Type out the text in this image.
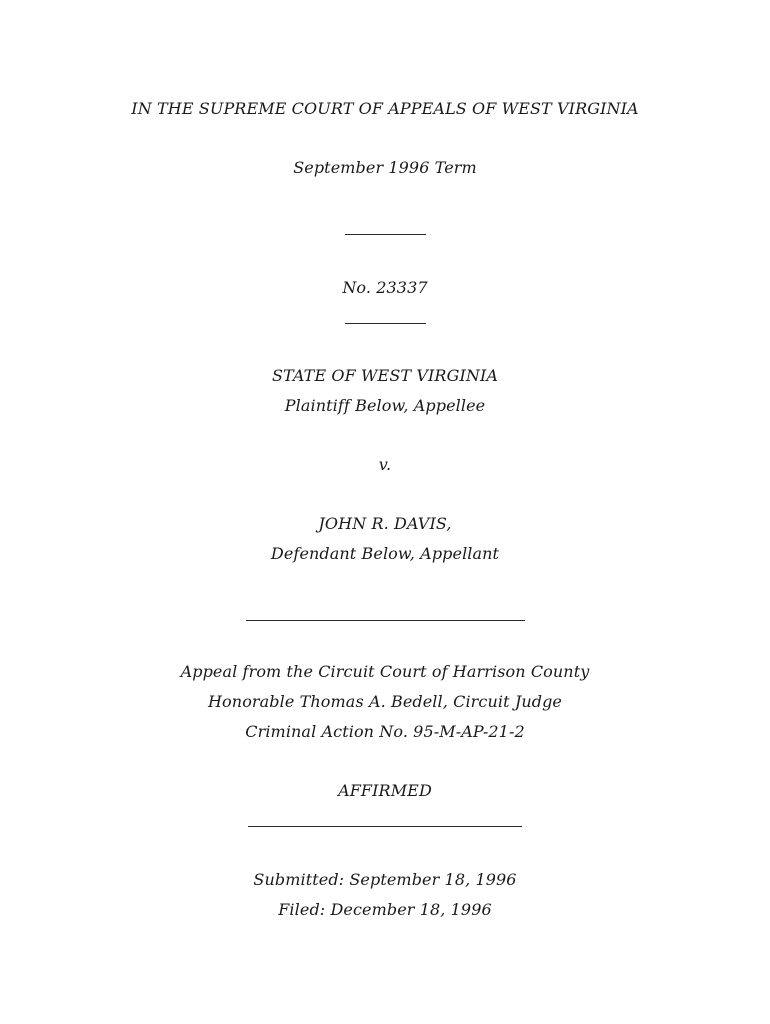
IN THE SUPREME COURT OF APPEALS OF WEST VIRGINIA
September 1996 Term
No. 23337
STATE OF WEST VIRGINIA
Plaintiff Below, Appellee
v.
JOHN R. DAVIS,
Defendant Below, Appellant
Appeal from the Circuit Court of Harrison County
Honorable Thomas A. Bedell, Circuit Judge
Criminal Action No. 95-M-AP-21-2
AFFIRMED
Submitted: September 18, 1996
Filed: December 18, 1996
